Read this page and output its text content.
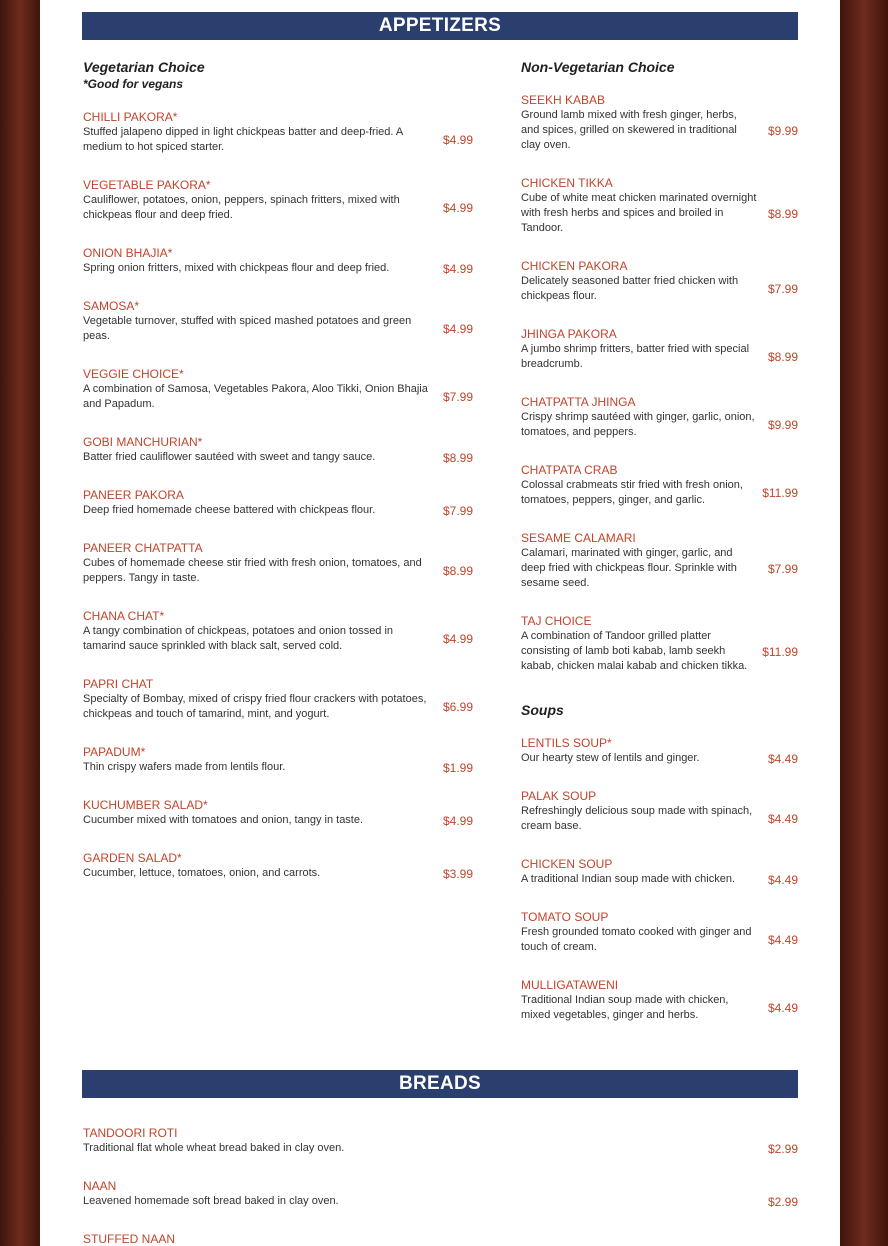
APPETIZERS
Vegetarian Choice
*Good for vegans
CHILLI PAKORA*
Stuffed jalapeno dipped in light chickpeas batter and deep-fried. A medium to hot spiced starter.	$4.99
VEGETABLE PAKORA*
Cauliflower, potatoes, onion, peppers, spinach fritters, mixed with chickpeas flour and deep fried.	$4.99
ONION BHAJIA*
Spring onion fritters, mixed with chickpeas flour and deep fried.	$4.99
SAMOSA*
Vegetable turnover, stuffed with spiced mashed potatoes and green peas.	$4.99
VEGGIE CHOICE*
A combination of Samosa, Vegetables Pakora, Aloo Tikki, Onion Bhajia and Papadum.	$7.99
GOBI MANCHURIAN*
Batter fried cauliflower sautéed with sweet and tangy sauce.	$8.99
PANEER PAKORA
Deep fried homemade cheese battered with chickpeas flour.	$7.99
PANEER CHATPATTA
Cubes of homemade cheese stir fried with fresh onion, tomatoes, and peppers. Tangy in taste.	$8.99
CHANA CHAT*
A tangy combination of chickpeas, potatoes and onion tossed in tamarind sauce sprinkled with black salt, served cold.	$4.99
PAPRI CHAT
Specialty of Bombay, mixed of crispy fried flour crackers with potatoes, chickpeas and touch of tamarind, mint, and yogurt.	$6.99
PAPADUM*
Thin crispy wafers made from lentils flour.	$1.99
KUCHUMBER SALAD*
Cucumber mixed with tomatoes and onion, tangy in taste.	$4.99
GARDEN SALAD*
Cucumber, lettuce, tomatoes, onion, and carrots.	$3.99
Non-Vegetarian Choice
SEEKH KABAB
Ground lamb mixed with fresh ginger, herbs, and spices, grilled on skewered in traditional clay oven.
$9.99
CHICKEN TIKKA
Cube of white meat chicken marinated overnight with fresh herbs and spices and broiled in Tandoor.
$8.99
CHICKEN PAKORA
Delicately seasoned batter fried chicken with chickpeas flour.	$7.99
JHINGA PAKORA
A jumbo shrimp fritters, batter fried with special breadcrumb.	$8.99
CHATPATTA JHINGA
Crispy shrimp sautéed with ginger, garlic, onion, tomatoes, and peppers.	$9.99
CHATPATA CRAB
Colossal crabmeats stir fried with fresh onion, tomatoes, peppers, ginger, and garlic.	$11.99
SESAME CALAMARI
Calamari, marinated with ginger, garlic, and deep fried with chickpeas flour. Sprinkle with sesame seed.
$7.99
TAJ CHOICE
A combination of Tandoor grilled platter consisting of lamb boti kabab, lamb seekh kabab, chicken malai kabab and chicken tikka.
$11.99
Soups
LENTILS SOUP*
Our hearty stew of lentils and ginger.	$4.49
PALAK SOUP
Refreshingly delicious soup made with spinach, cream base.	$4.49
CHICKEN SOUP
A traditional Indian soup made with chicken.	$4.49
TOMATO SOUP
Fresh grounded tomato cooked with ginger and touch of cream.	$4.49
MULLIGATAWENI
Traditional Indian soup made with chicken, mixed vegetables, ginger and herbs.	$4.49
BREADS
TANDOORI ROTI
Traditional flat whole wheat bread baked in clay oven.	$2.99
NAAN
Leavened homemade soft bread baked in clay oven.	$2.99
STUFFED NAAN
